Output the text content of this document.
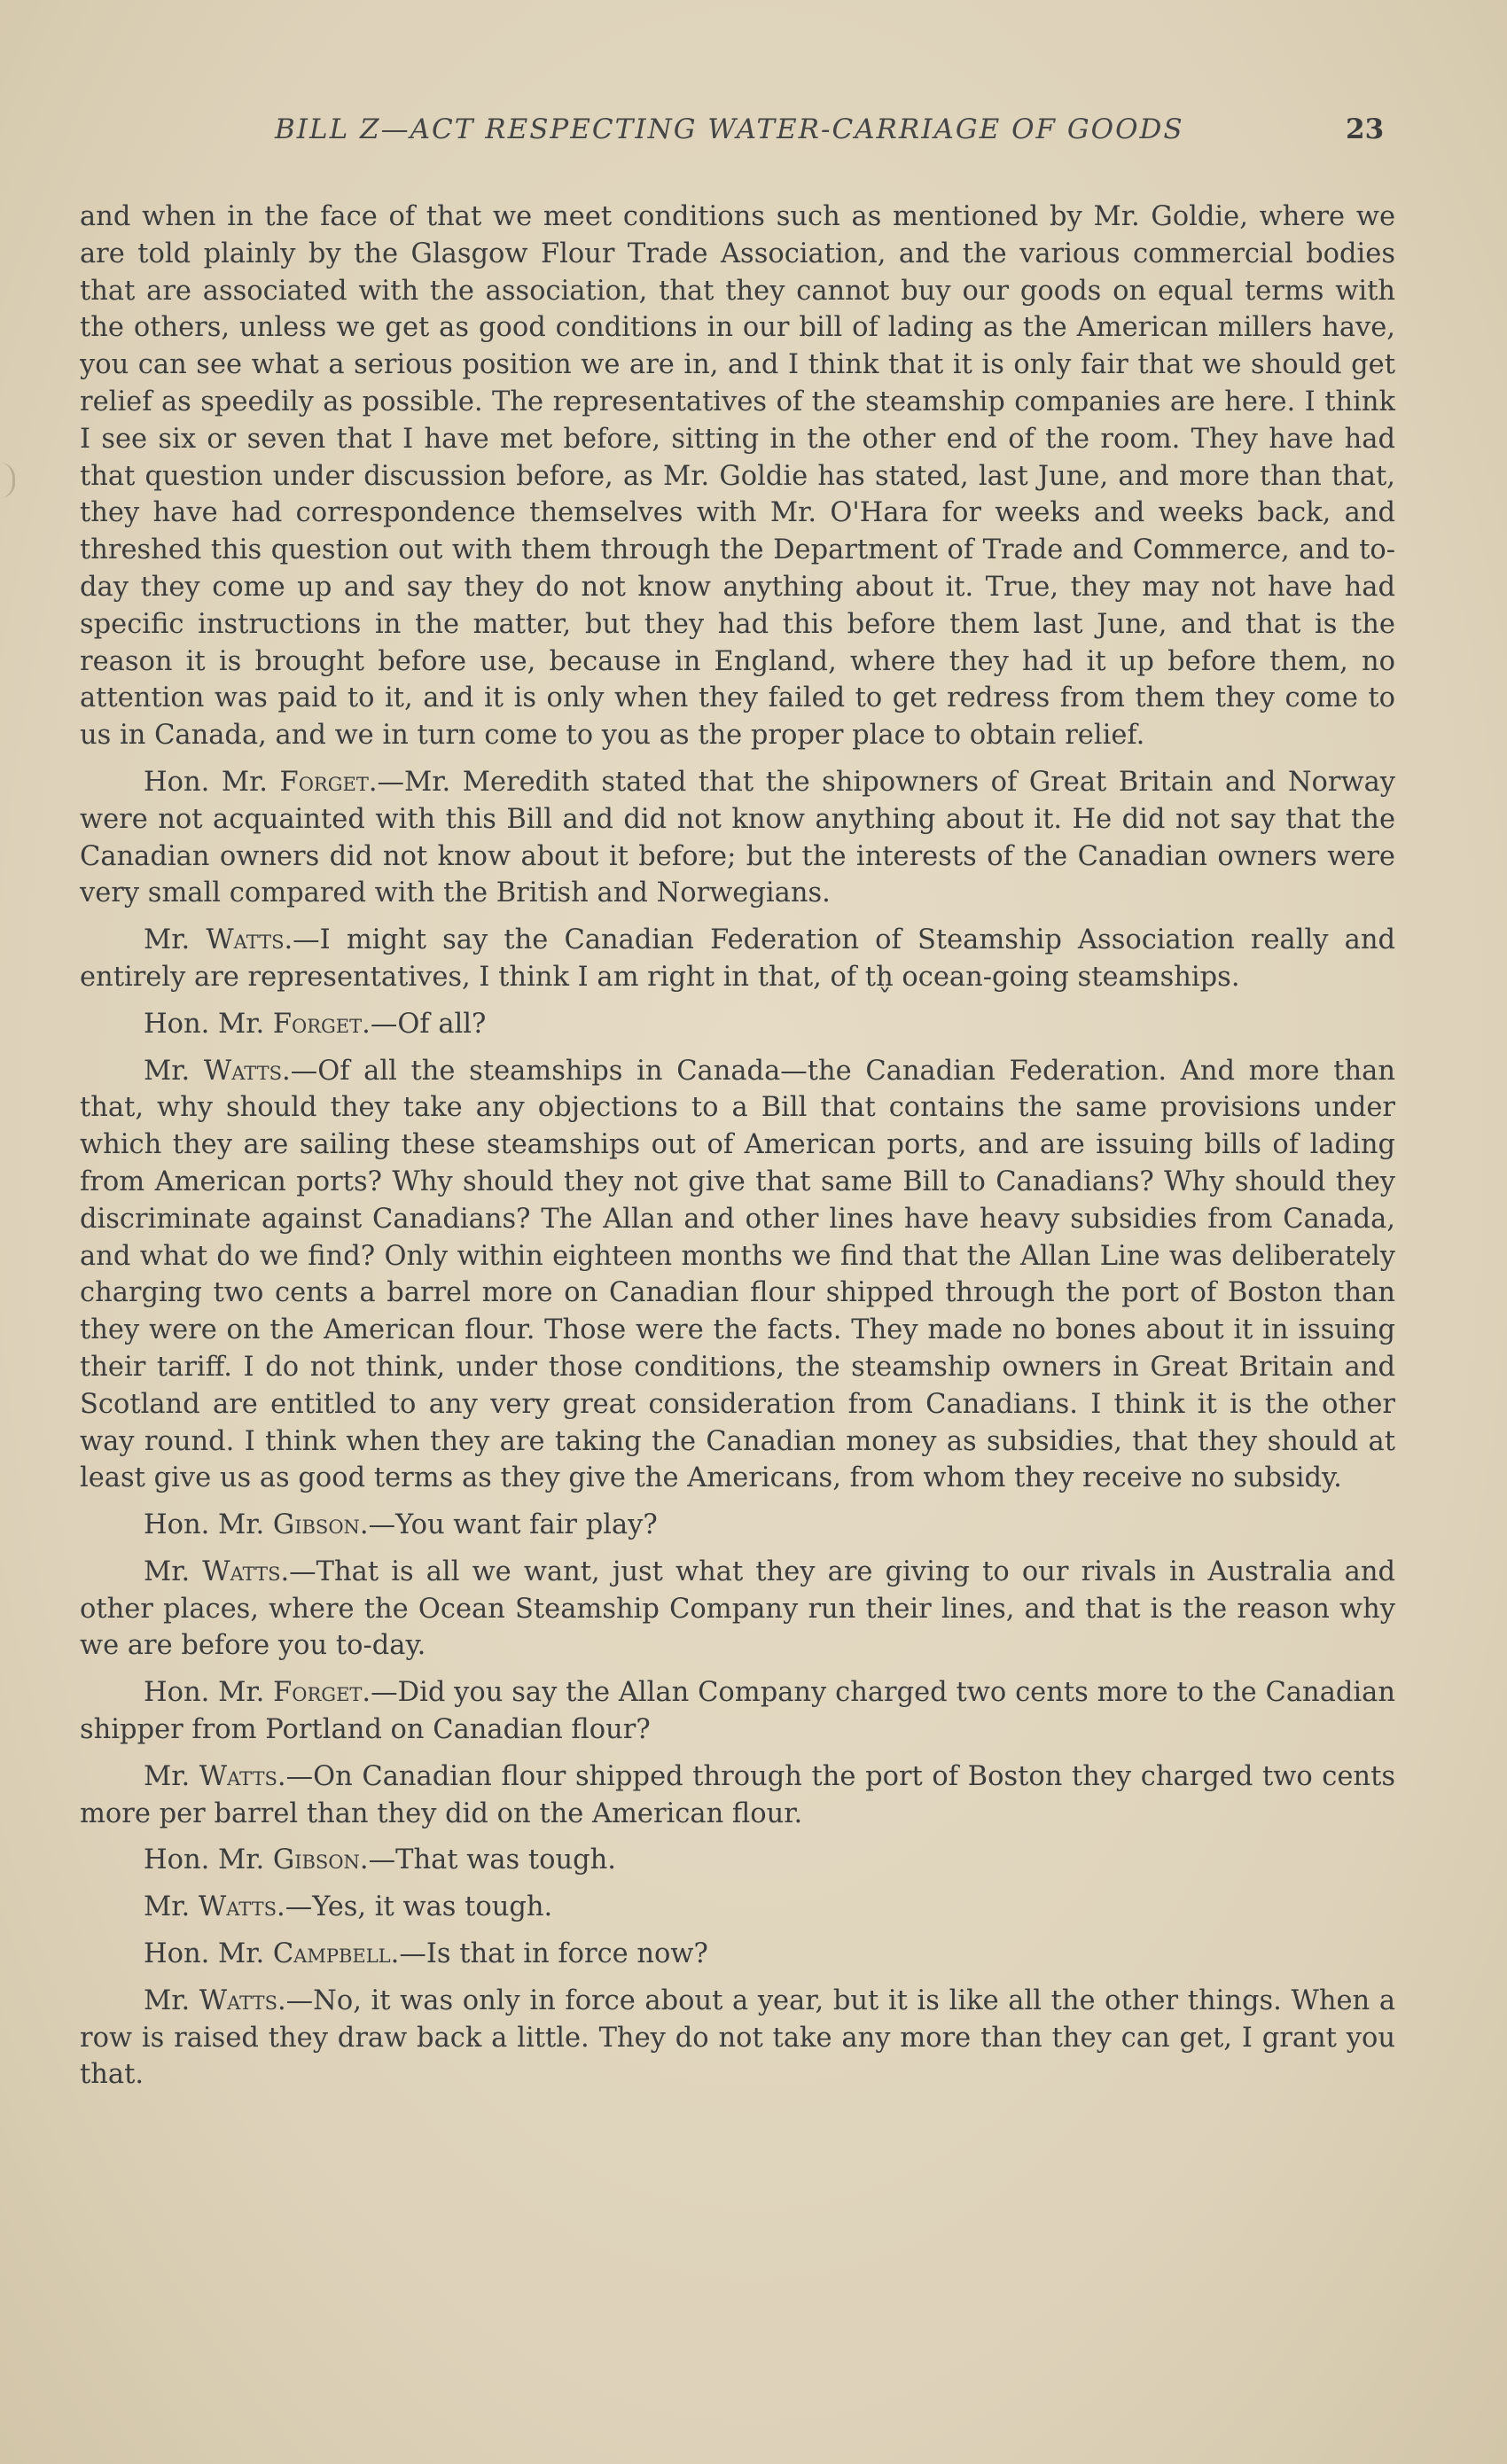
BILL Z—ACT RESPECTING WATER-CARRIAGE OF GOODS	23

and when in the face of that we meet conditions such as mentioned by Mr. Goldie, where we are told plainly by the Glasgow Flour Trade Association, and the various commercial bodies that are associated with the association, that they cannot buy our goods on equal terms with the others, unless we get as good conditions in our bill of lading as the American millers have, you can see what a serious position we are in, and I think that it is only fair that we should get relief as speedily as possible. The representatives of the steamship companies are here. I think I see six or seven that I have met before, sitting in the other end of the room. They have had that question under discussion before, as Mr. Goldie has stated, last June, and more than that, they have had correspondence themselves with Mr. O'Hara for weeks and weeks back, and threshed this question out with them through the Department of Trade and Commerce, and to-day they come up and say they do not know anything about it. True, they may not have had specific instructions in the matter, but they had this before them last June, and that is the reason it is brought before use, because in England, where they had it up before them, no attention was paid to it, and it is only when they failed to get redress from them they come to us in Canada, and we in turn come to you as the proper place to obtain relief.

Hon. Mr. Forget.—Mr. Meredith stated that the shipowners of Great Britain and Norway were not acquainted with this Bill and did not know anything about it. He did not say that the Canadian owners did not know about it before; but the interests of the Canadian owners were very small compared with the British and Norwegians.

Mr. Watts.—I might say the Canadian Federation of Steamship Association really and entirely are representatives, I think I am right in that, of th̬ ocean-going steamships.

Hon. Mr. Forget.—Of all?

Mr. Watts.—Of all the steamships in Canada—the Canadian Federation. And more than that, why should they take any objections to a Bill that contains the same provisions under which they are sailing these steamships out of American ports, and are issuing bills of lading from American ports? Why should they not give that same Bill to Canadians? Why should they discriminate against Canadians? The Allan and other lines have heavy subsidies from Canada, and what do we find? Only within eighteen months we find that the Allan Line was deliberately charging two cents a barrel more on Canadian flour shipped through the port of Boston than they were on the American flour. Those were the facts. They made no bones about it in issuing their tariff. I do not think, under those conditions, the steamship owners in Great Britain and Scotland are entitled to any very great consideration from Canadians. I think it is the other way round. I think when they are taking the Canadian money as subsidies, that they should at least give us as good terms as they give the Americans, from whom they receive no subsidy.

Hon. Mr. Gibson.—You want fair play?

Mr. Watts.—That is all we want, just what they are giving to our rivals in Australia and other places, where the Ocean Steamship Company run their lines, and that is the reason why we are before you to-day.

Hon. Mr. Forget.—Did you say the Allan Company charged two cents more to the Canadian shipper from Portland on Canadian flour?

Mr. Watts.—On Canadian flour shipped through the port of Boston they charged two cents more per barrel than they did on the American flour.

Hon. Mr. Gibson.—That was tough.

Mr. Watts.—Yes, it was tough.

Hon. Mr. Campbell.—Is that in force now?

Mr. Watts.—No, it was only in force about a year, but it is like all the other things. When a row is raised they draw back a little. They do not take any more than they can get, I grant you that.
